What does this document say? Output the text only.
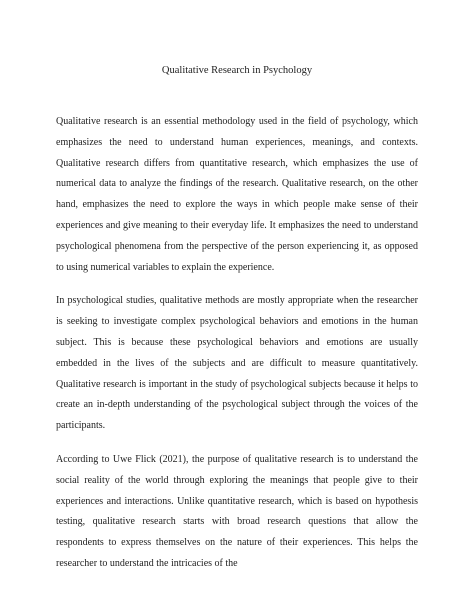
Qualitative Research in Psychology

Qualitative research is an essential methodology used in the field of psychology, which emphasizes the need to understand human experiences, meanings, and contexts. Qualitative research differs from quantitative research, which emphasizes the use of numerical data to analyze the findings of the research. Qualitative research, on the other hand, emphasizes the need to explore the ways in which people make sense of their experiences and give meaning to their everyday life. It emphasizes the need to understand psychological phenomena from the perspective of the person experiencing it, as opposed to using numerical variables to explain the experience.

In psychological studies, qualitative methods are mostly appropriate when the researcher is seeking to investigate complex psychological behaviors and emotions in the human subject. This is because these psychological behaviors and emotions are usually embedded in the lives of the subjects and are difficult to measure quantitatively. Qualitative research is important in the study of psychological subjects because it helps to create an in-depth understanding of the psychological subject through the voices of the participants.

According to Uwe Flick (2021), the purpose of qualitative research is to understand the social reality of the world through exploring the meanings that people give to their experiences and interactions. Unlike quantitative research, which is based on hypothesis testing, qualitative research starts with broad research questions that allow the respondents to express themselves on the nature of their experiences. This helps the researcher to understand the intricacies of the
